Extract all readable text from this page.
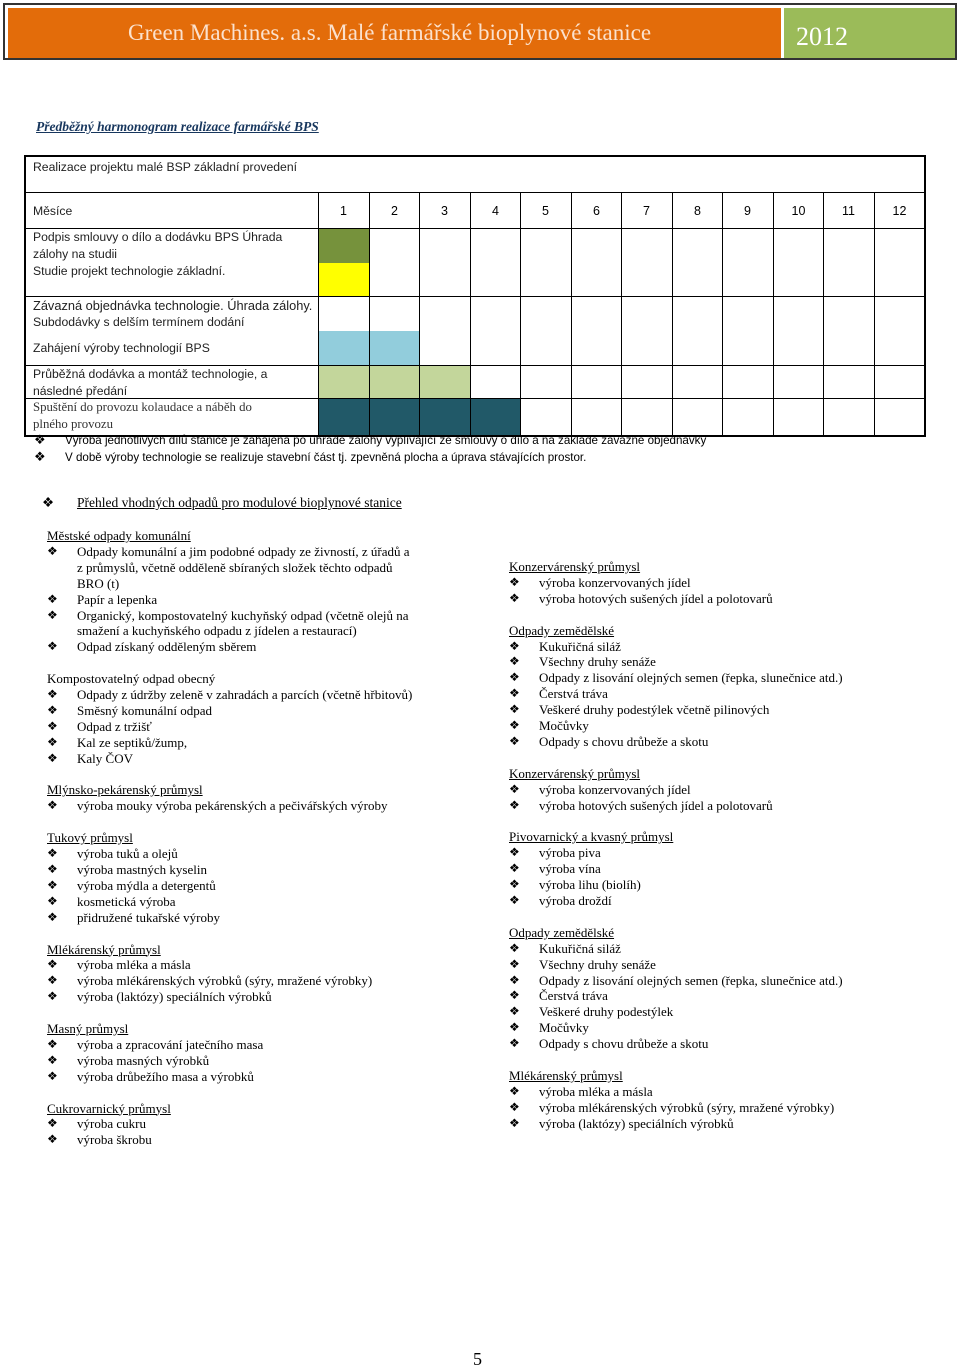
Green Machines. a.s. Malé farmářské bioplynové stanice	2012
Předběžný harmonogram realizace farmářské BPS
Realizace projektu malé BSP základní provedení
Měsíce	1	2	3	4	5	6	7	8	9	10	11	12
Podpis smlouvy o dílo a dodávku BPS Úhrada
zálohy na studii
Studie projekt technologie základní.
Závazná objednávka technologie. Úhrada zálohy.
Subdodávky s delším termínem dodání
Zahájení výroby technologií BPS
Průběžná dodávka a montáž technologie, a
následné předání
Spuštění do provozu kolaudace a náběh do
plného provozu
❖ Výroba jednotlivých dílů stanice je zahájena po úhradě zálohy vyplívající ze smlouvy o dílo a na základě závazné objednávky
❖ V době výroby technologie se realizuje stavební část tj. zpevněná plocha a úprava stávajících prostor.
❖ Přehled vhodných odpadů pro modulové bioplynové stanice
Městské odpady komunální
❖ Odpady komunální a jim podobné odpady ze živností, z úřadů a
z průmyslů, včetně odděleně sbíraných složek těchto odpadů
BRO (t)
❖ Papír a lepenka
❖ Organický, kompostovatelný kuchyňský odpad (včetně olejů na
smažení a kuchyňského odpadu z jídelen a restaurací)
❖ Odpad získaný odděleným sběrem
Kompostovatelný odpad obecný
❖ Odpady z údržby zeleně v zahradách a parcích (včetně hřbitovů)
❖ Směsný komunální odpad
❖ Odpad z tržišť
❖ Kal ze septiků/žump,
❖ Kaly ČOV
Mlýnsko-pekárenský průmysl
❖ výroba mouky výroba pekárenských a pečivářských výroby
Tukový průmysl
❖ výroba tuků a olejů
❖ výroba mastných kyselin
❖ výroba mýdla a detergentů
❖ kosmetická výroba
❖ přidružené tukařské výroby
Mlékárenský průmysl
❖ výroba mléka a másla
❖ výroba mlékárenských výrobků (sýry, mražené výrobky)
❖ výroba (laktózy) speciálních výrobků
Masný průmysl
❖ výroba a zpracování jatečního masa
❖ výroba masných výrobků
❖ výroba drůbežího masa a výrobků
Cukrovarnický průmysl
❖ výroba cukru
❖ výroba škrobu
Konzervárenský průmysl
❖ výroba konzervovaných jídel
❖ výroba hotových sušených jídel a polotovarů
Odpady zemědělské
❖ Kukuřičná siláž
❖ Všechny druhy senáže
❖ Odpady z lisování olejných semen (řepka, slunečnice atd.)
❖ Čerstvá tráva
❖ Veškeré druhy podestýlek včetně pilinových
❖ Močůvky
❖ Odpady s chovu drůbeže a skotu
Konzervárenský průmysl
❖ výroba konzervovaných jídel
❖ výroba hotových sušených jídel a polotovarů
Pivovarnický a kvasný průmysl
❖ výroba piva
❖ výroba vína
❖ výroba lihu (biolíh)
❖ výroba droždí
Odpady zemědělské
❖ Kukuřičná siláž
❖ Všechny druhy senáže
❖ Odpady z lisování olejných semen (řepka, slunečnice atd.)
❖ Čerstvá tráva
❖ Veškeré druhy podestýlek
❖ Močůvky
❖ Odpady s chovu drůbeže a skotu
Mlékárenský průmysl
❖ výroba mléka a másla
❖ výroba mlékárenských výrobků (sýry, mražené výrobky)
❖ výroba (laktózy) speciálních výrobků
5
